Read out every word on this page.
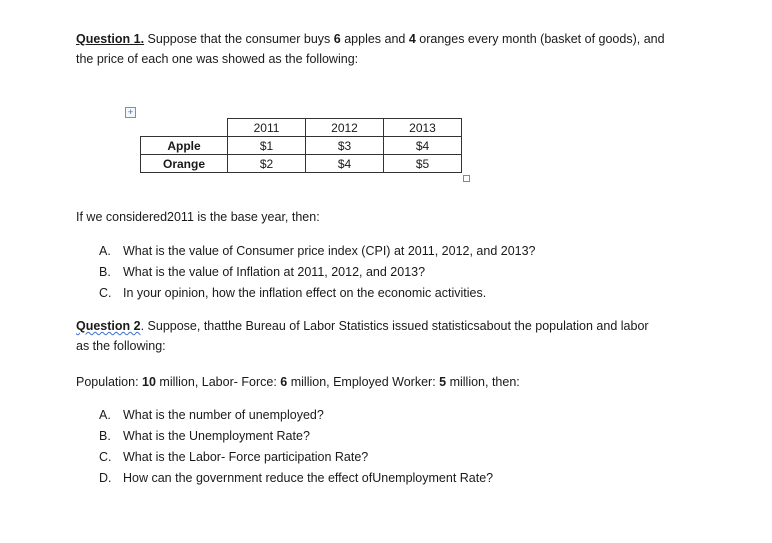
Question 1. Suppose that the consumer buys 6 apples and 4 oranges every month (basket of goods), and
the price of each one was showed as the following:
+
	2011	2012	2013
Apple	$1	$3	$4
Orange	$2	$4	$5
If we considered2011 is the base year, then:
A. What is the value of Consumer price index (CPI) at 2011, 2012, and 2013?
B. What is the value of Inflation at 2011, 2012, and 2013?
C. In your opinion, how the inflation effect on the economic activities.
Question 2. Suppose, thatthe Bureau of Labor Statistics issued statisticsabout the population and labor
as the following:
Population: 10 million, Labor- Force: 6 million, Employed Worker: 5 million, then:
A. What is the number of unemployed?
B. What is the Unemployment Rate?
C. What is the Labor- Force participation Rate?
D. How can the government reduce the effect ofUnemployment Rate?
